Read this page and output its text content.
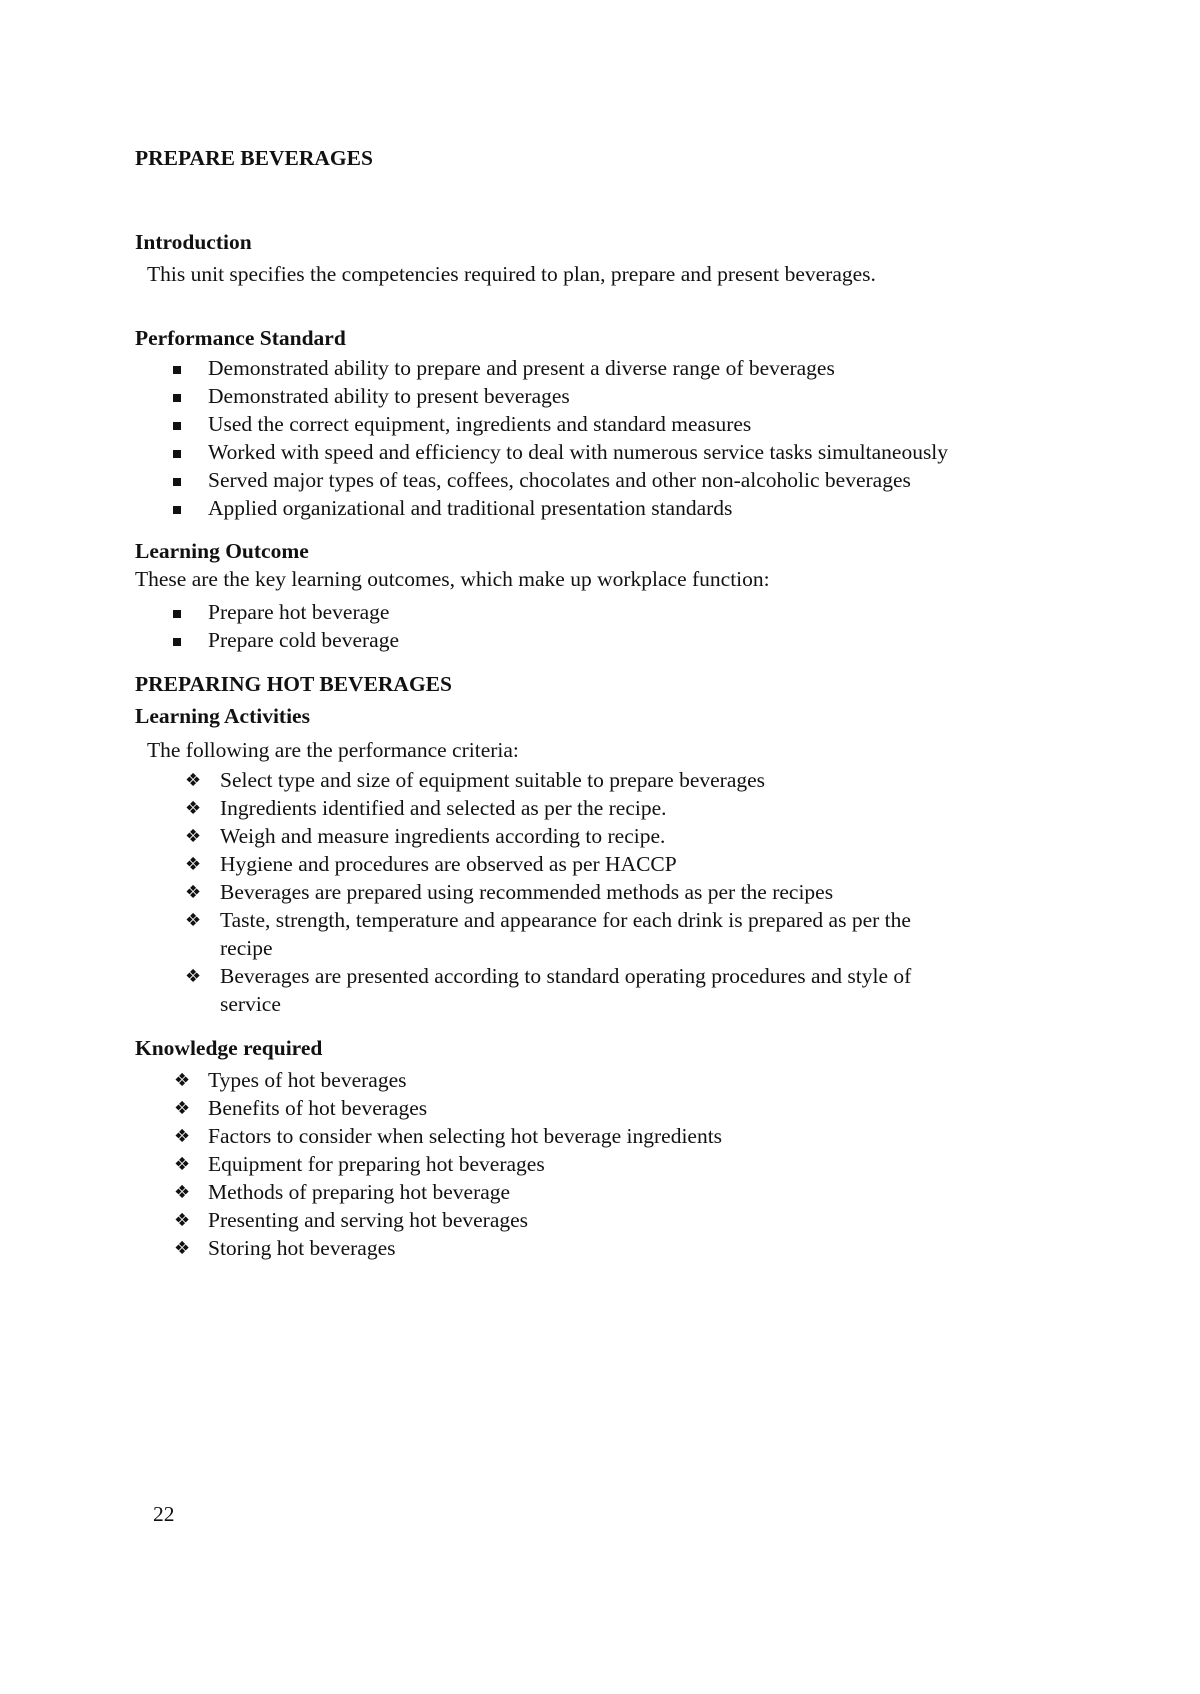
PREPARE BEVERAGES
Introduction
This unit specifies the competencies required to plan, prepare and present beverages.
Performance Standard
Demonstrated ability to prepare and present a diverse range of beverages
Demonstrated ability to present beverages
Used the correct equipment, ingredients and standard measures
Worked with speed and efficiency to deal with numerous service tasks simultaneously
Served major types of teas, coffees, chocolates and other non-alcoholic beverages
Applied organizational and traditional presentation standards
Learning Outcome
These are the key learning outcomes, which make up workplace function:
Prepare hot beverage
Prepare cold beverage
PREPARING HOT BEVERAGES
Learning Activities
The following are the performance criteria:
❖ Select type and size of equipment suitable to prepare beverages
❖ Ingredients identified and selected as per the recipe.
❖ Weigh and measure ingredients according to recipe.
❖ Hygiene and procedures are observed as per HACCP
❖ Beverages are prepared using recommended methods as per the recipes
❖ Taste, strength, temperature and appearance for each drink is prepared as per the
recipe
❖ Beverages are presented according to standard operating procedures and style of
service
Knowledge required
❖ Types of hot beverages
❖ Benefits of hot beverages
❖ Factors to consider when selecting hot beverage ingredients
❖ Equipment for preparing hot beverages
❖ Methods of preparing hot beverage
❖ Presenting and serving hot beverages
❖ Storing hot beverages
22
